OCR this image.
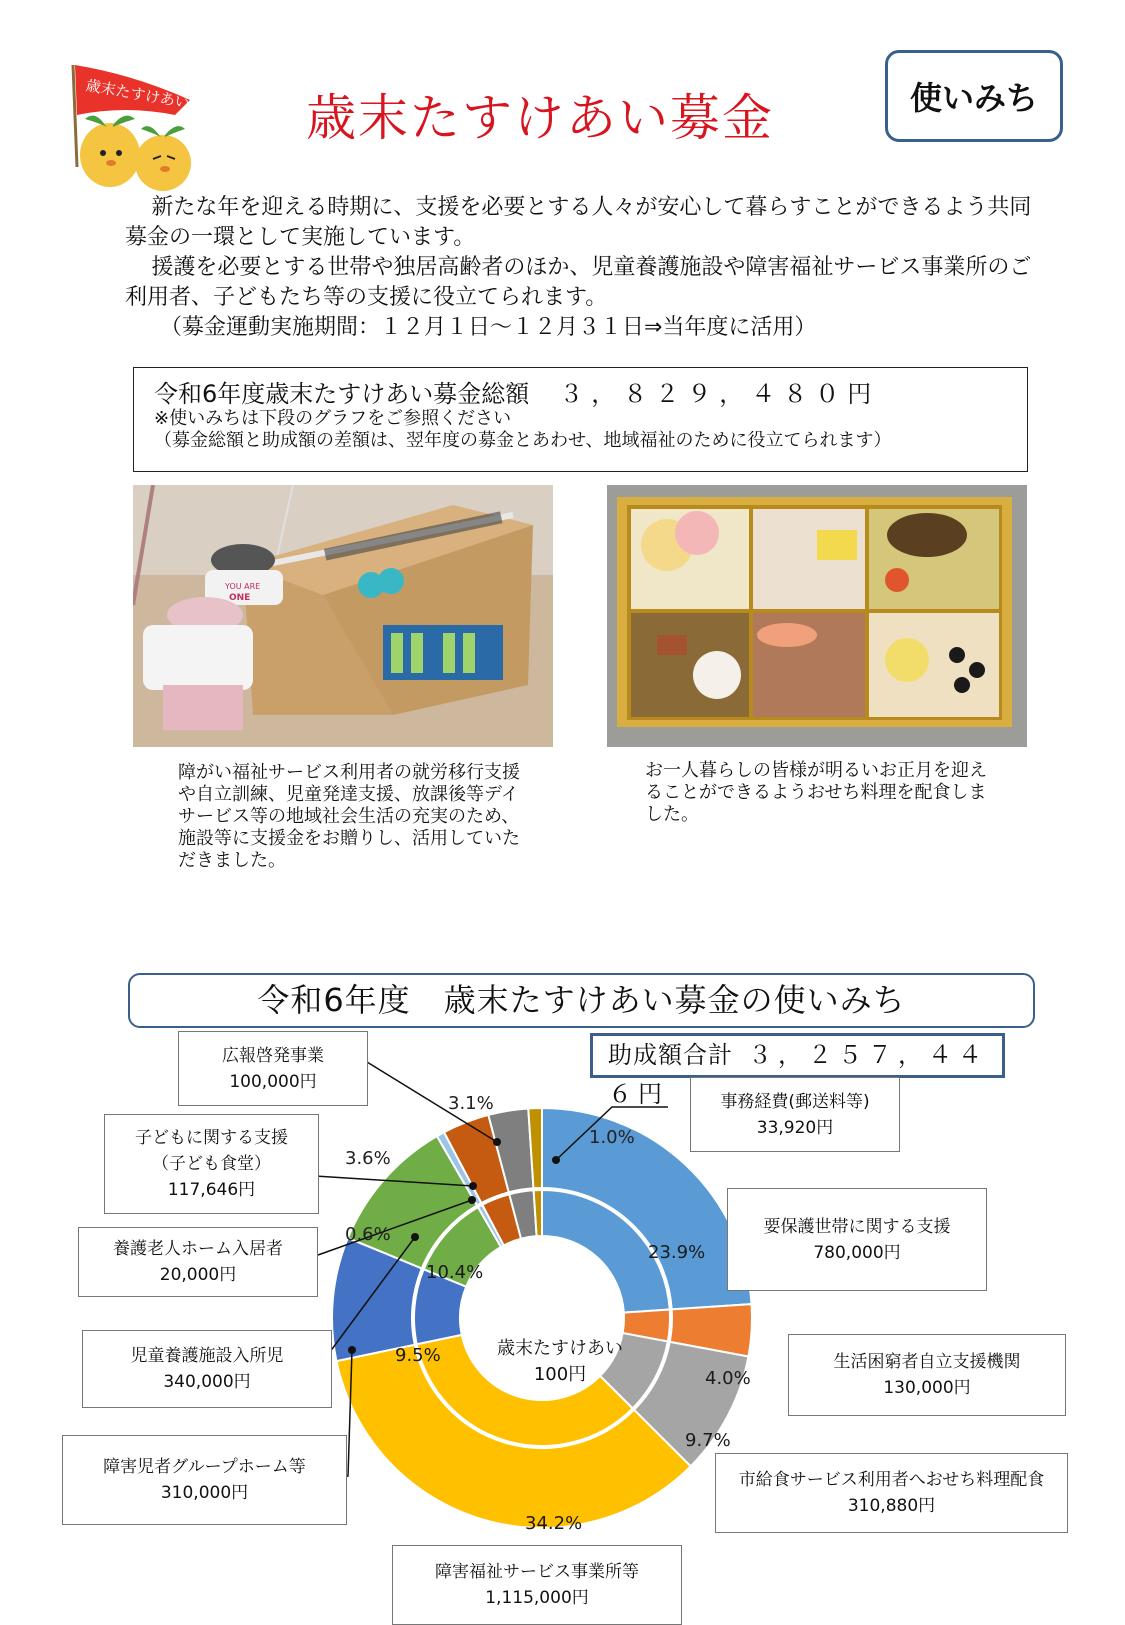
歳末たすけあい	歳末たすけあい募金	使いみち

新たな年を迎える時期に、支援を必要とする人々が安心して暮らすことができるよう共同募金の一環として実施しています。

援護を必要とする世帯や独居高齢者のほか、児童養護施設や障害福祉サービス事業所のご利用者、子どもたち等の支援に役立てられます。

（募金運動実施期間：１２月１日～１２月３１日⇒当年度に活用）

令和6年度歳末たすけあい募金総額 ３，８２９，４８０円
※使いみちは下段のグラフをご参照ください
（募金総額と助成額の差額は、翌年度の募金とあわせ、地域福祉のために役立てられます）
YOU ARE
ONE
障がい福祉サービス利用者の就労移行支援や自立訓練、児童発達支援、放課後等デイサービス等の地域社会生活の充実のため、施設等に支援金をお贈りし、活用していただきました。
お一人暮らしの皆様が明るいお正月を迎えることができるようおせち料理を配食しました。
令和6年度　歳末たすけあい募金の使いみち
助成額合計 ３，２５７，４４６円
広報啓発事業
100,000円
事務経費(郵送料等)
33,920円
子どもに関する支援
（子ども食堂）
117,646円
養護老人ホーム入居者
20,000円
児童養護施設入所児
340,000円
障害児者グループホーム等
310,000円
要保護世帯に関する支援
780,000円
生活困窮者自立支援機関
130,000円
市給食サービス利用者へおせち料理配食
310,880円
障害福祉サービス事業所等
1,115,000円
3.1%
1.0%
3.6%
0.6%
10.4%
9.5%
23.9%
4.0%
9.7%
34.2%
歳末たすけあい
100円
